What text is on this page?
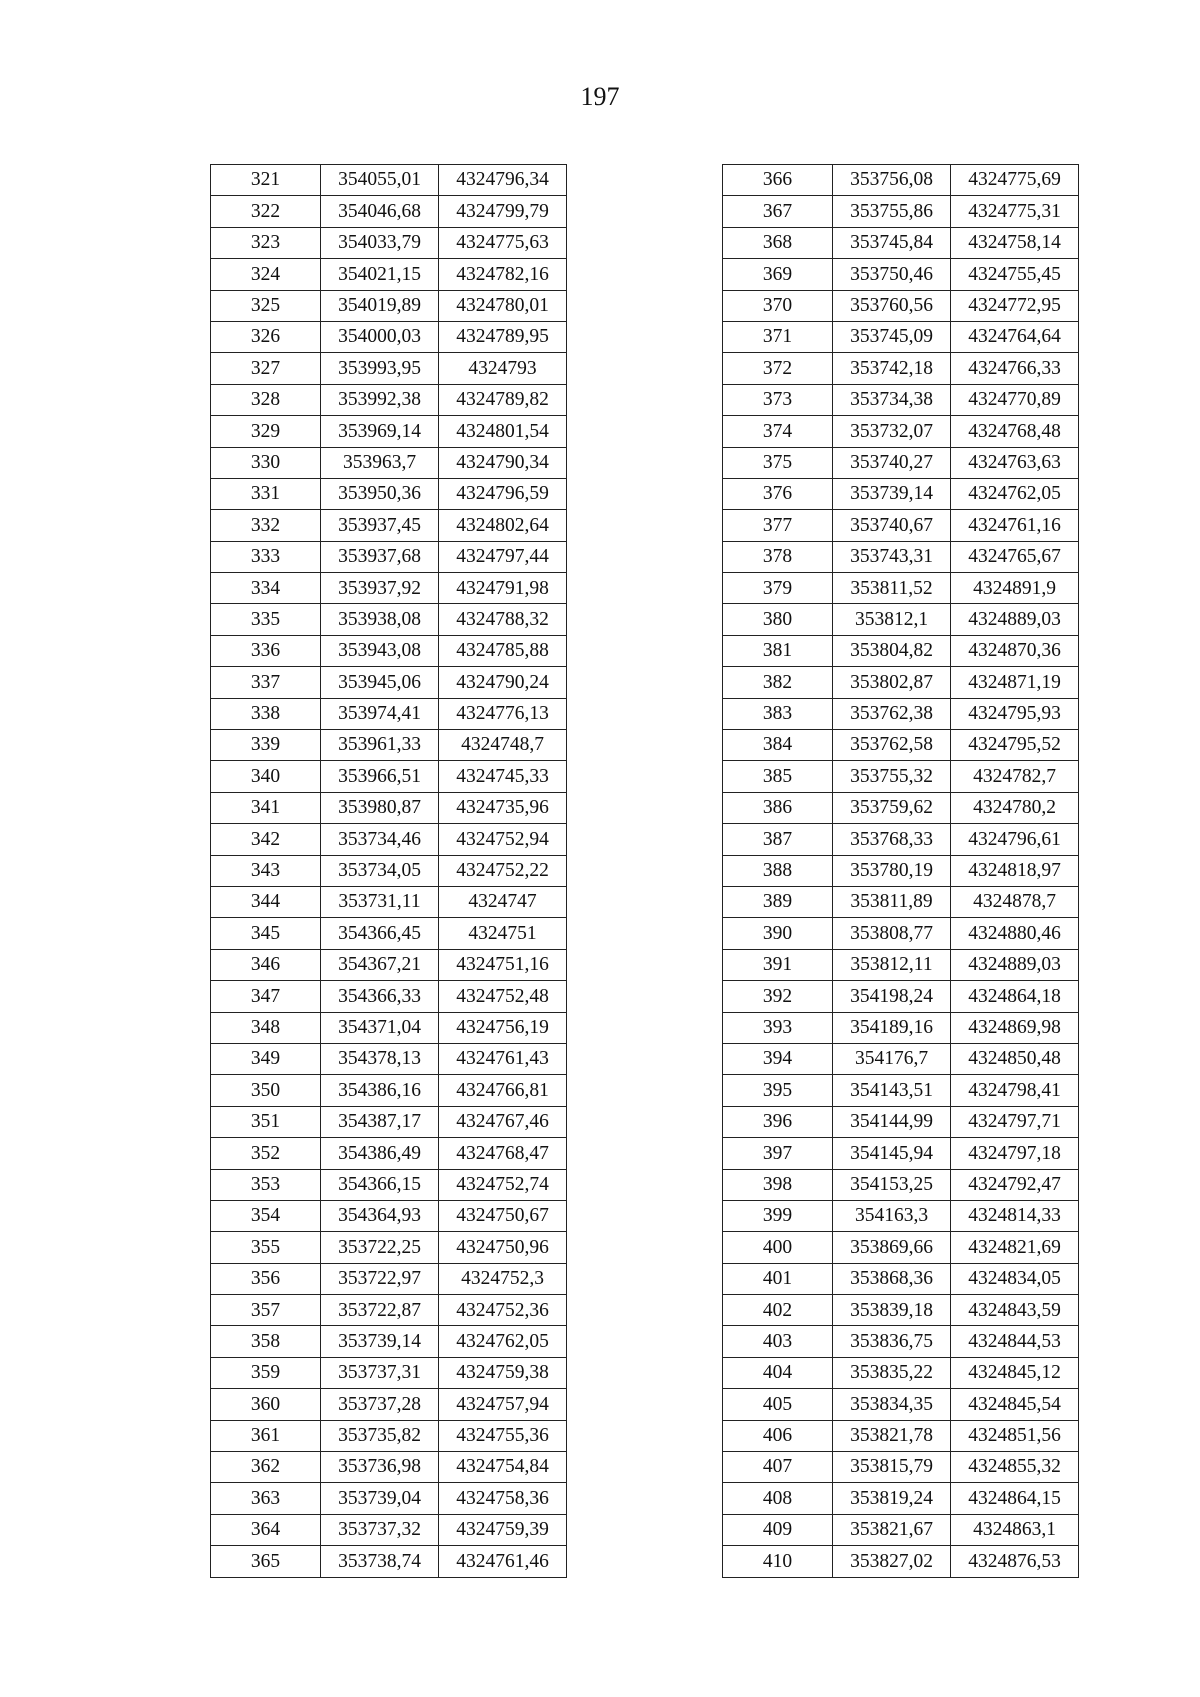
197
321	354055,01	4324796,34
322	354046,68	4324799,79
323	354033,79	4324775,63
324	354021,15	4324782,16
325	354019,89	4324780,01
326	354000,03	4324789,95
327	353993,95	4324793
328	353992,38	4324789,82
329	353969,14	4324801,54
330	353963,7	4324790,34
331	353950,36	4324796,59
332	353937,45	4324802,64
333	353937,68	4324797,44
334	353937,92	4324791,98
335	353938,08	4324788,32
336	353943,08	4324785,88
337	353945,06	4324790,24
338	353974,41	4324776,13
339	353961,33	4324748,7
340	353966,51	4324745,33
341	353980,87	4324735,96
342	353734,46	4324752,94
343	353734,05	4324752,22
344	353731,11	4324747
345	354366,45	4324751
346	354367,21	4324751,16
347	354366,33	4324752,48
348	354371,04	4324756,19
349	354378,13	4324761,43
350	354386,16	4324766,81
351	354387,17	4324767,46
352	354386,49	4324768,47
353	354366,15	4324752,74
354	354364,93	4324750,67
355	353722,25	4324750,96
356	353722,97	4324752,3
357	353722,87	4324752,36
358	353739,14	4324762,05
359	353737,31	4324759,38
360	353737,28	4324757,94
361	353735,82	4324755,36
362	353736,98	4324754,84
363	353739,04	4324758,36
364	353737,32	4324759,39
365	353738,74	4324761,46
366	353756,08	4324775,69
367	353755,86	4324775,31
368	353745,84	4324758,14
369	353750,46	4324755,45
370	353760,56	4324772,95
371	353745,09	4324764,64
372	353742,18	4324766,33
373	353734,38	4324770,89
374	353732,07	4324768,48
375	353740,27	4324763,63
376	353739,14	4324762,05
377	353740,67	4324761,16
378	353743,31	4324765,67
379	353811,52	4324891,9
380	353812,1	4324889,03
381	353804,82	4324870,36
382	353802,87	4324871,19
383	353762,38	4324795,93
384	353762,58	4324795,52
385	353755,32	4324782,7
386	353759,62	4324780,2
387	353768,33	4324796,61
388	353780,19	4324818,97
389	353811,89	4324878,7
390	353808,77	4324880,46
391	353812,11	4324889,03
392	354198,24	4324864,18
393	354189,16	4324869,98
394	354176,7	4324850,48
395	354143,51	4324798,41
396	354144,99	4324797,71
397	354145,94	4324797,18
398	354153,25	4324792,47
399	354163,3	4324814,33
400	353869,66	4324821,69
401	353868,36	4324834,05
402	353839,18	4324843,59
403	353836,75	4324844,53
404	353835,22	4324845,12
405	353834,35	4324845,54
406	353821,78	4324851,56
407	353815,79	4324855,32
408	353819,24	4324864,15
409	353821,67	4324863,1
410	353827,02	4324876,53
